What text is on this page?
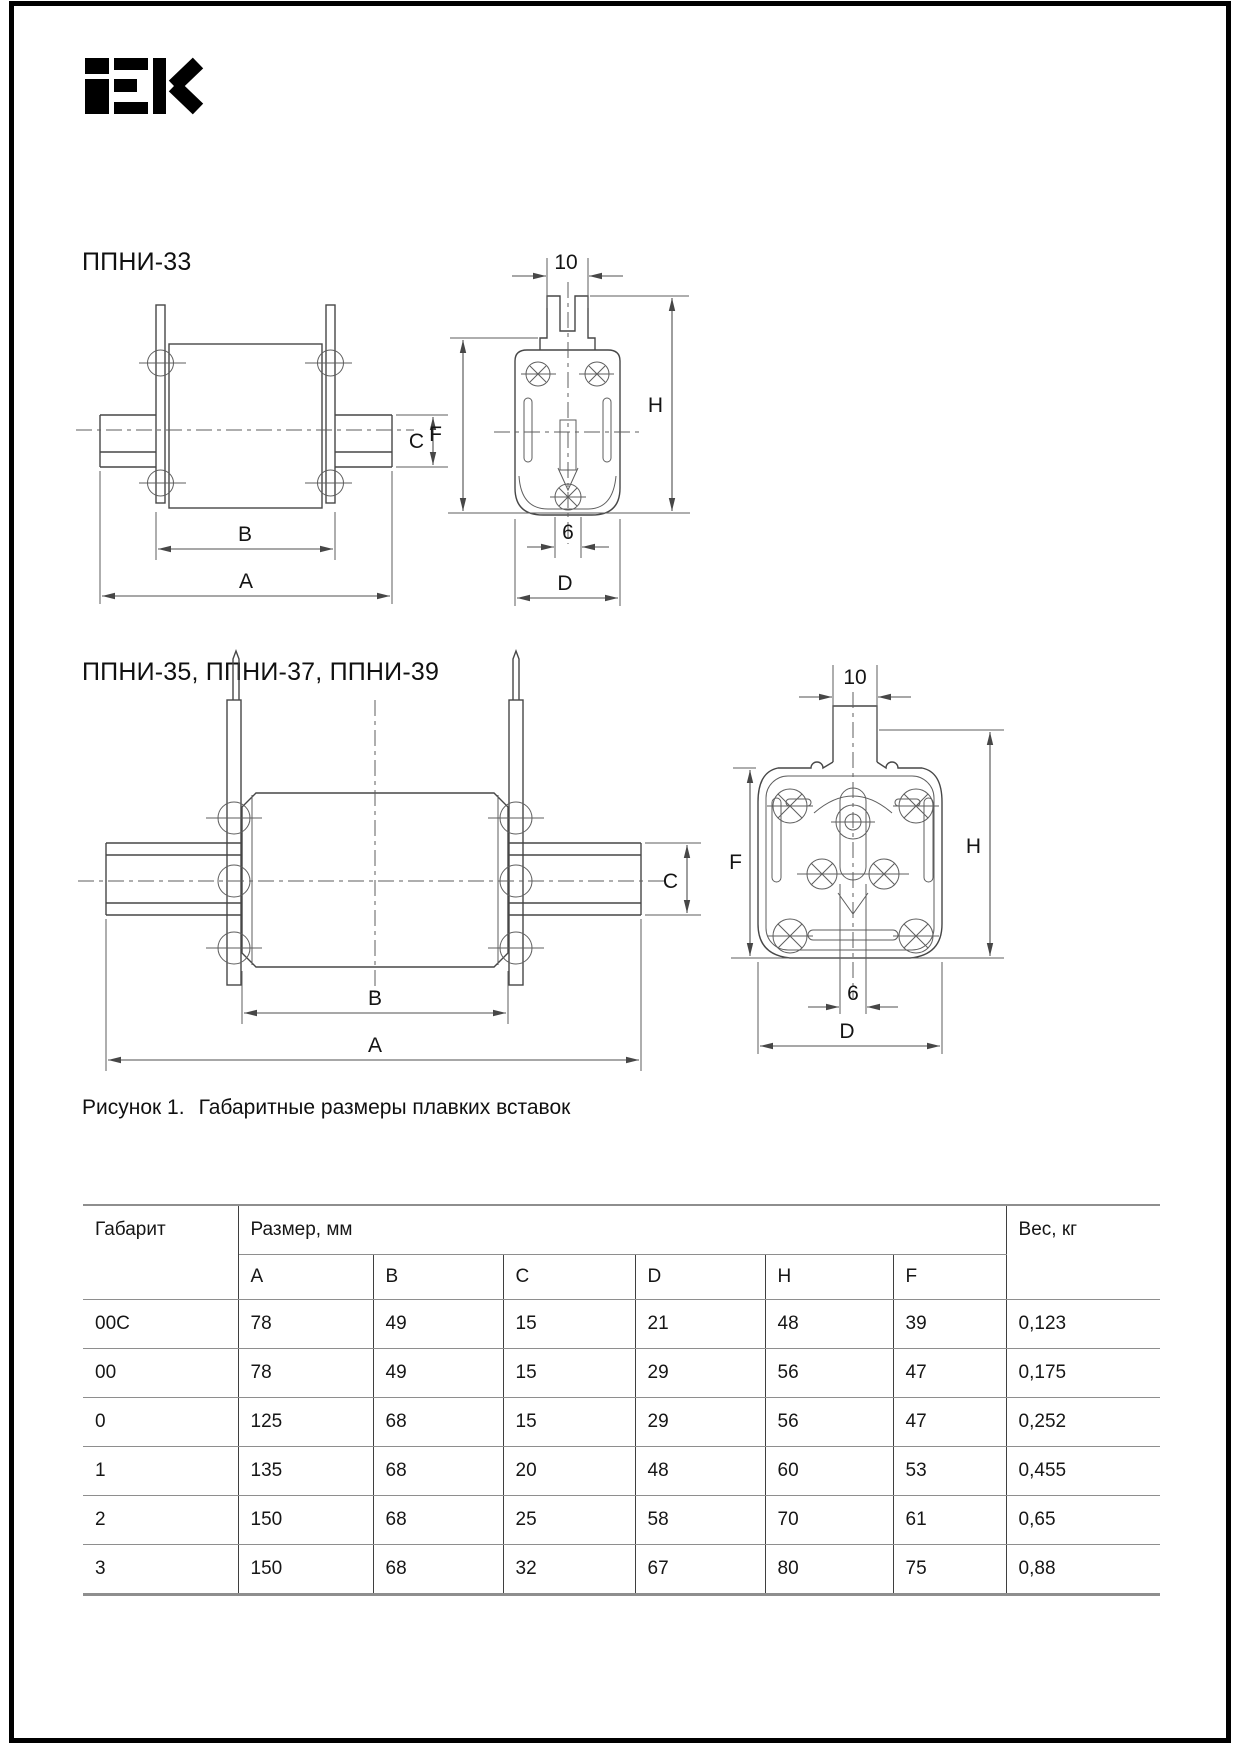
ППНИ-33
ППНИ-35, ППНИ-37, ППНИ-39
C
B
A
10
F
H
6
D
B
A
C
10
F
H
6
D
Рисунок 1. Габаритные размеры плавких вставок
Габарит	Размер, мм						Вес, кг
	A	B	C	D	H	F	
00C	78	49	15	21	48	39	0,123
00	78	49	15	29	56	47	0,175
0	125	68	15	29	56	47	0,252
1	135	68	20	48	60	53	0,455
2	150	68	25	58	70	61	0,65
3	150	68	32	67	80	75	0,88
